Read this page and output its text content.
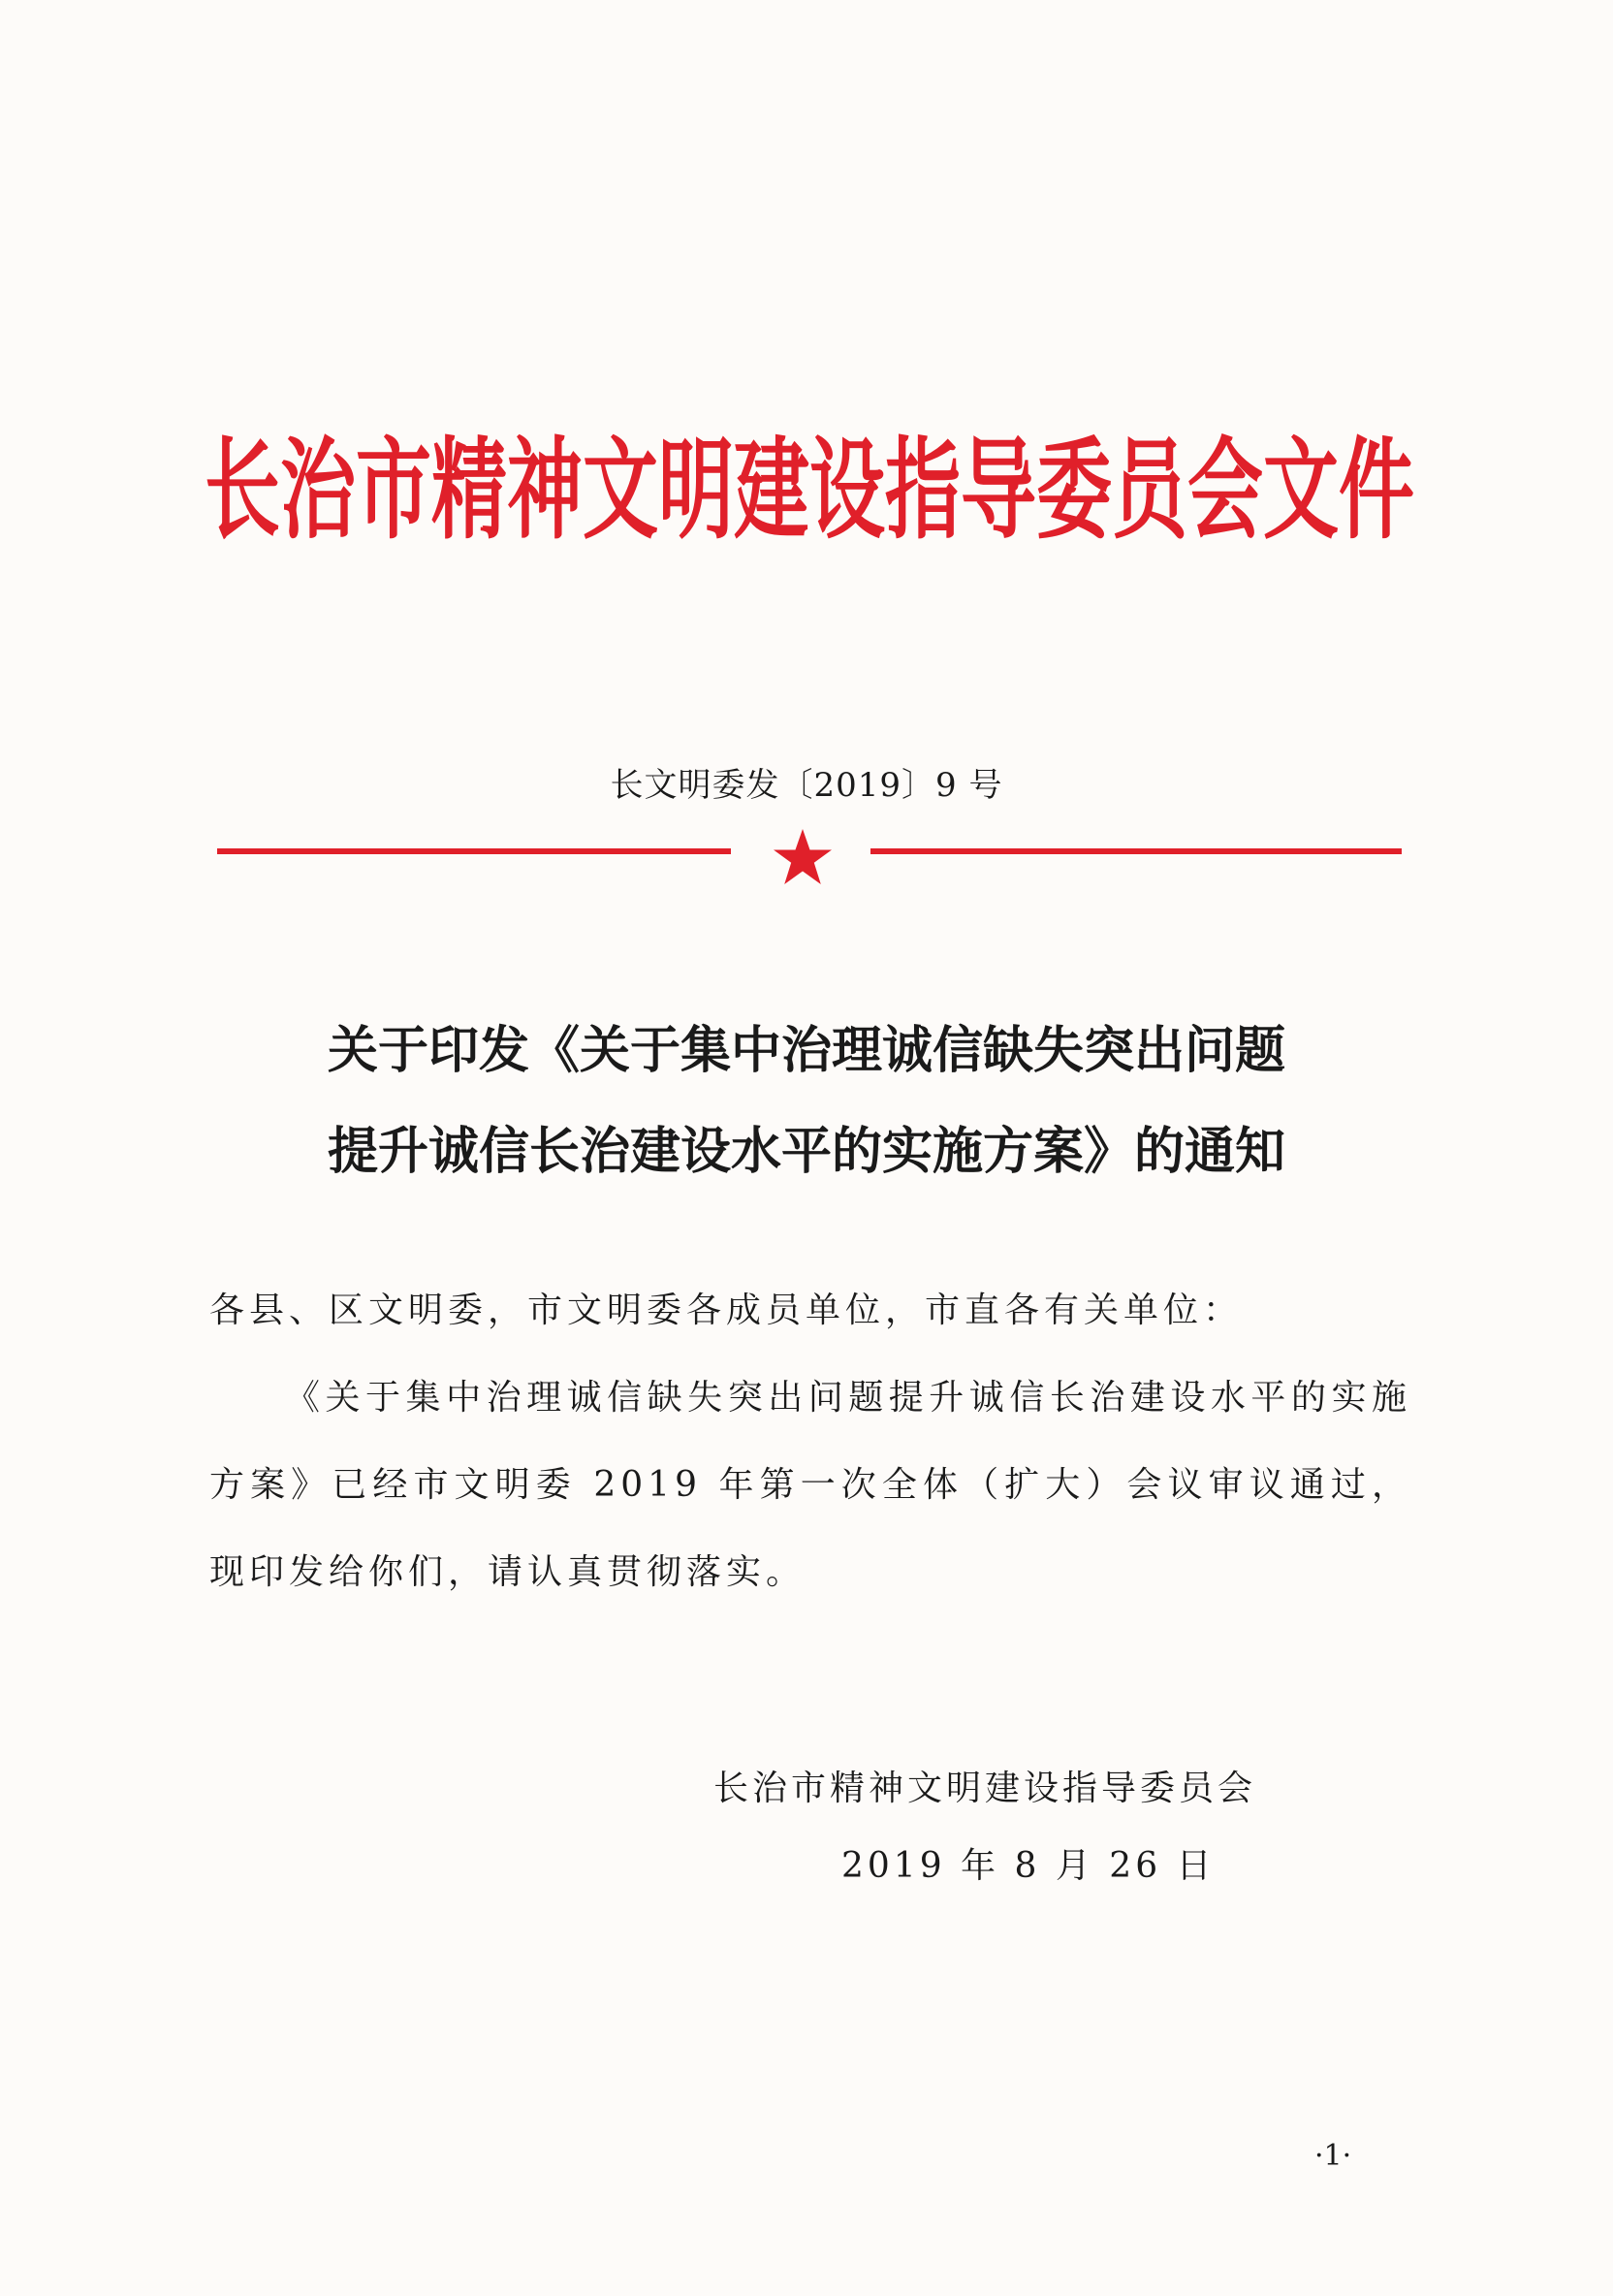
长治市精神文明建设指导委员会文件
长文明委发〔2019〕9 号
关于印发《关于集中治理诚信缺失突出问题
提升诚信长治建设水平的实施方案》的通知

各县、区文明委，市文明委各成员单位，市直各有关单位：

《关于集中治理诚信缺失突出问题提升诚信长治建设水平的实施方案》已经市文明委 2019 年第一次全体（扩大）会议审议通过，现印发给你们，请认真贯彻落实。

长治市精神文明建设指导委员会
2019 年 8 月 26 日
·1·
